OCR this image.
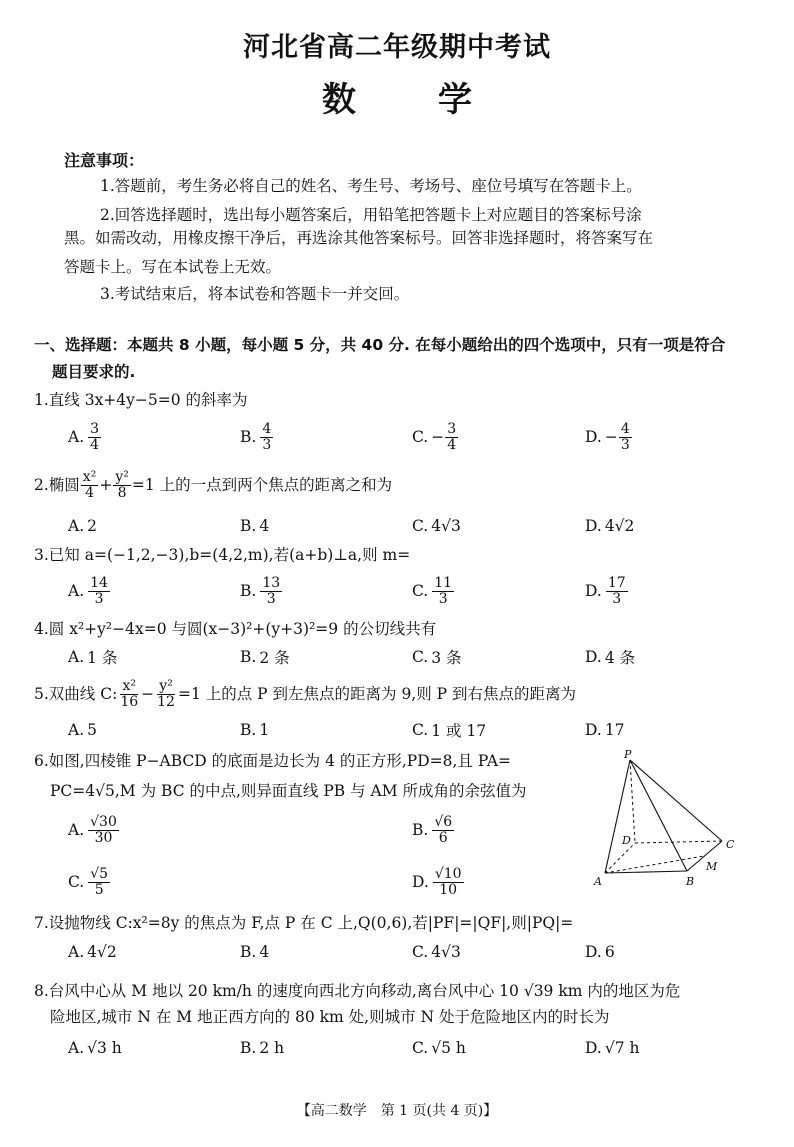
河北省高二年级期中考试
数学
注意事项：
1.答题前，考生务必将自己的姓名、考生号、考场号、座位号填写在答题卡上。
2.回答选择题时，选出每小题答案后，用铅笔把答题卡上对应题目的答案标号涂
黑。如需改动，用橡皮擦干净后，再选涂其他答案标号。回答非选择题时，将答案写在
答题卡上。写在本试卷上无效。
3.考试结束后，将本试卷和答题卡一并交回。
一、选择题：本题共 8 小题，每小题 5 分，共 40 分. 在每小题给出的四个选项中，只有一项是符合
题目要求的.
1.直线 3x+4y−5=0 的斜率为
A. $\frac{3}{4}$	B. $\frac{4}{3}$	C. − $\frac{3}{4}$	D. − $\frac{4}{3}$
2.椭圆 $\frac{\text{x²}}{4} + \frac{\text{y²}}{8} =1$ 上的一点到两个焦点的距离之和为
A. 2	B. 4	C. 4√3	D. 4√2
3.已知 a=(−1,2,−3),b=(4,2,m),若(a+b)⊥a,则 m=
A. $\frac{14}{3}$	B. $\frac{13}{3}$	C. $\frac{11}{3}$	D. $\frac{17}{3}$
4.圆 x²+y²−4x=0 与圆(x−3)²+(y+3)²=9 的公切线共有
A. 1 条	B. 2 条	C. 3 条	D. 4 条
5.双曲线 C: $\frac{\text{x²}}{16} - \frac{\text{y²}}{12} =1$ 上的点 P 到左焦点的距离为 9,则 P 到右焦点的距离为
A. 5	B. 1	C. 1 或 17	D. 17
6.如图,四棱锥 P−ABCD 的底面是边长为 4 的正方形,PD=8,且 PA=
PC=4√5,M 为 BC 的中点,则异面直线 PB 与 AM 所成角的余弦值为
A. $\frac{√30}{30}$	B. $\frac{√6}{6}$
C. $\frac{√5}{5}$	D. $\frac{√10}{10}$
P
A	B
C
D
M
7.设抛物线 C:x²=8y 的焦点为 F,点 P 在 C 上,Q(0,6),若|PF|=|QF|,则|PQ|=
A. 4√2	B. 4	C. 4√3	D. 6
8.台风中心从 M 地以 20 km/h 的速度向西北方向移动,离台风中心 10 √39 km 内的地区为危
险地区,城市 N 在 M 地正西方向的 80 km 处,则城市 N 处于危险地区内的时长为
A. √3 h	B. 2 h	C. √5 h	D. √7 h
【高二数学　第 1 页(共 4 页)】
